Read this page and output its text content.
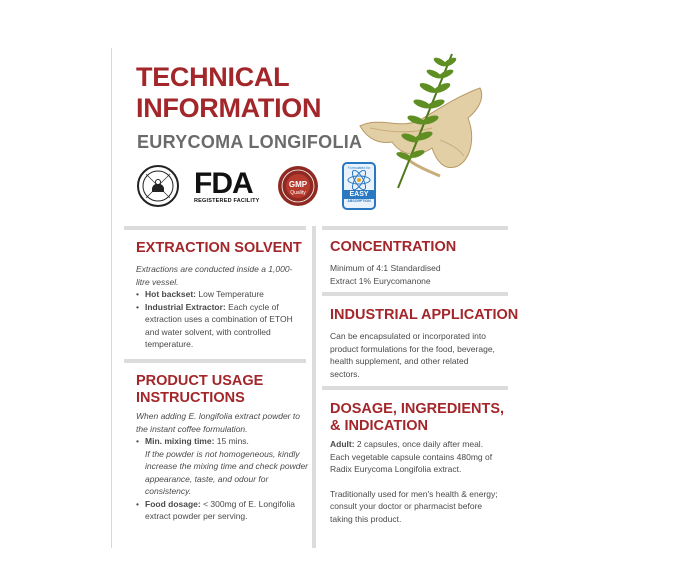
TECHNICAL
INFORMATION
EURYCOMA LONGIFOLIA
FDA
REGISTERED FACILITY
GMP
Quality
Formulated for
EASY
ABSORPTION
EXTRACTION SOLVENT
Extractions are conducted inside a 1,000-litre vessel.
• Hot backset: Low Temperature
• Industrial Extractor: Each cycle of extraction uses a combination of ETOH and water solvent, with controlled temperature.
PRODUCT USAGE
INSTRUCTIONS
When adding E. longifolia extract powder to the instant coffee formulation.
• Min. mixing time: 15 mins.
If the powder is not homogeneous, kindly increase the mixing time and check powder appearance, taste, and odour for consistency.
• Food dosage: < 300mg of E. Longifolia extract powder per serving.
CONCENTRATION
Minimum of 4:1 Standardised Extract 1% Eurycomanone
INDUSTRIAL APPLICATION
Can be encapsulated or incorporated into product formulations for the food, beverage, health supplement, and other related sectors.
DOSAGE, INGREDIENTS,
& INDICATION
Adult: 2 capsules, once daily after meal. Each vegetable capsule contains 480mg of Radix Eurycoma Longifolia extract.
Traditionally used for men's health & energy; consult your doctor or pharmacist before taking this product.
